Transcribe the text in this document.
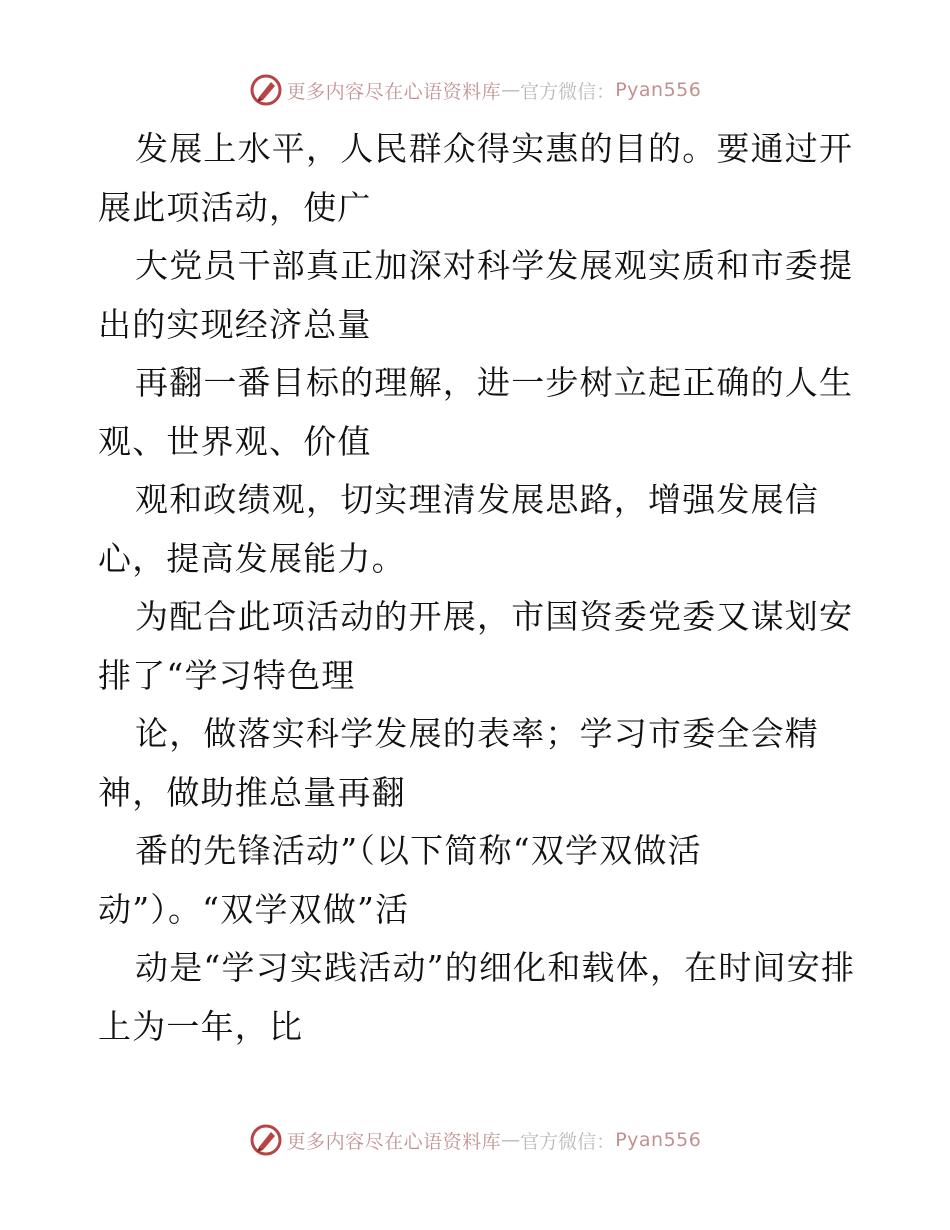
更多内容尽在心语资料库 — 官方微信： Pyan556

发展上水平，人民群众得实惠的目的。要通过开展此项活动，使广

大党员干部真正加深对科学发展观实质和市委提出的实现经济总量

再翻一番目标的理解，进一步树立起正确的人生观、世界观、价值

观和政绩观，切实理清发展思路，增强发展信心，提高发展能力。

为配合此项活动的开展，市国资委党委又谋划安排了“学习特色理

论，做落实科学发展的表率；学习市委全会精神，做助推总量再翻

番的先锋活动”（以下简称“双学双做活动”）。“双学双做”活

动是“学习实践活动”的细化和载体，在时间安排上为一年，比

更多内容尽在心语资料库 — 官方微信： Pyan556
